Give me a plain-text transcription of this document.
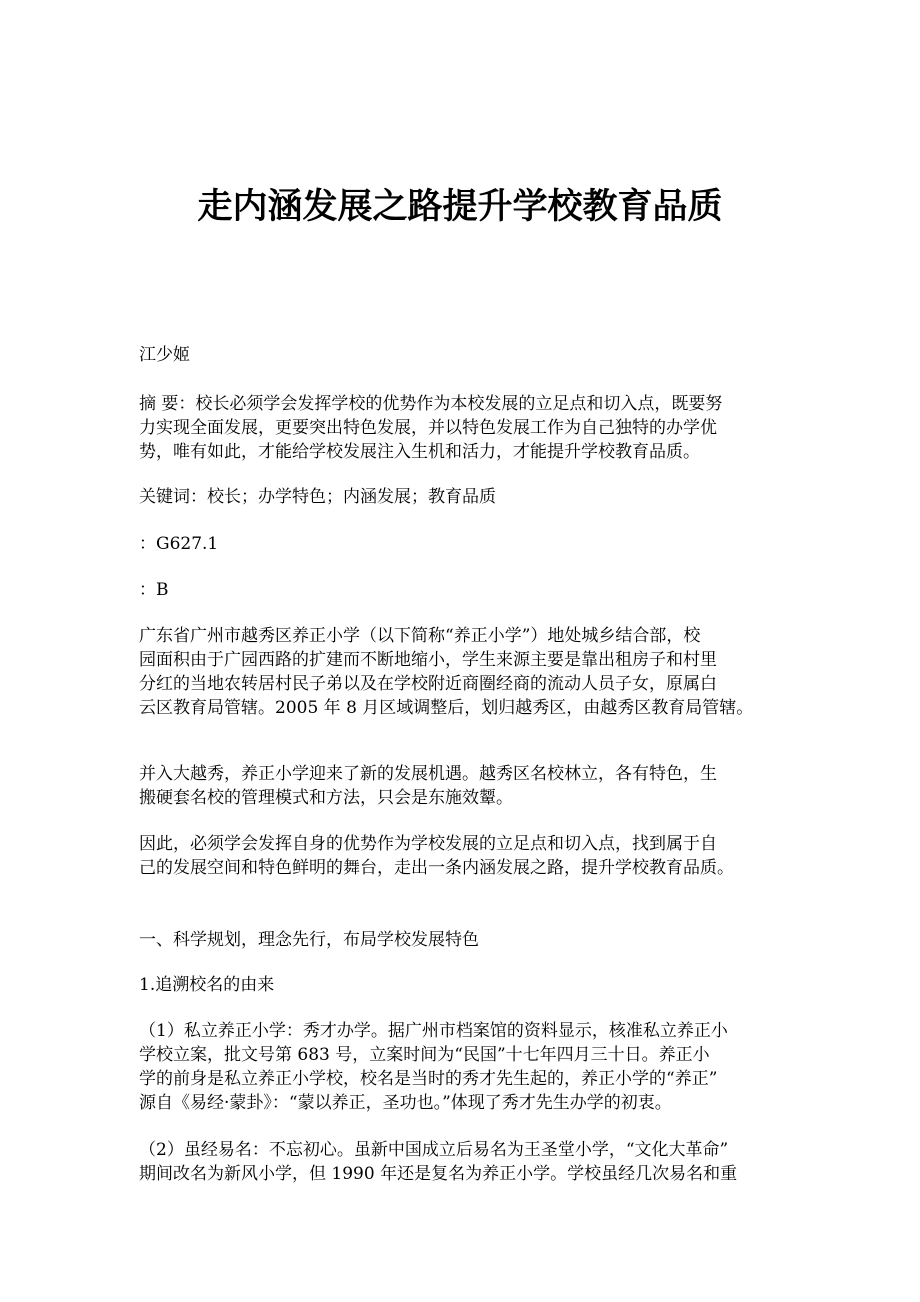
走内涵发展之路提升学校教育品质
江少姬
摘 要：校长必须学会发挥学校的优势作为本校发展的立足点和切入点，既要努
力实现全面发展，更要突出特色发展，并以特色发展工作为自己独特的办学优
势，唯有如此，才能给学校发展注入生机和活力，才能提升学校教育品质。
关键词：校长；办学特色；内涵发展；教育品质
：G627.1
：B
广东省广州市越秀区养正小学（以下简称“养正小学”）地处城乡结合部，校
园面积由于广园西路的扩建而不断地缩小，学生来源主要是靠出租房子和村里
分红的当地农转居村民子弟以及在学校附近商圈经商的流动人员子女，原属白
云区教育局管辖。2005 年 8 月区域调整后，划归越秀区，由越秀区教育局管辖。
并入大越秀，养正小学迎来了新的发展机遇。越秀区名校林立，各有特色，生
搬硬套名校的管理模式和方法，只会是东施效颦。
因此，必须学会发挥自身的优势作为学校发展的立足点和切入点，找到属于自
己的发展空间和特色鲜明的舞台，走出一条内涵发展之路，提升学校教育品质。
一、科学规划，理念先行，布局学校发展特色
1.追溯校名的由来
（1）私立养正小学：秀才办学。据广州市档案馆的资料显示，核准私立养正小
学校立案，批文号第 683 号，立案时间为“民国”十七年四月三十日。养正小
学的前身是私立养正小学校，校名是当时的秀才先生起的，养正小学的“养正”
源自《易经·蒙卦》：“蒙以养正，圣功也。”体现了秀才先生办学的初衷。
（2）虽经易名：不忘初心。虽新中国成立后易名为王圣堂小学，“文化大革命”
期间改名为新风小学，但 1990 年还是复名为养正小学。学校虽经几次易名和重
